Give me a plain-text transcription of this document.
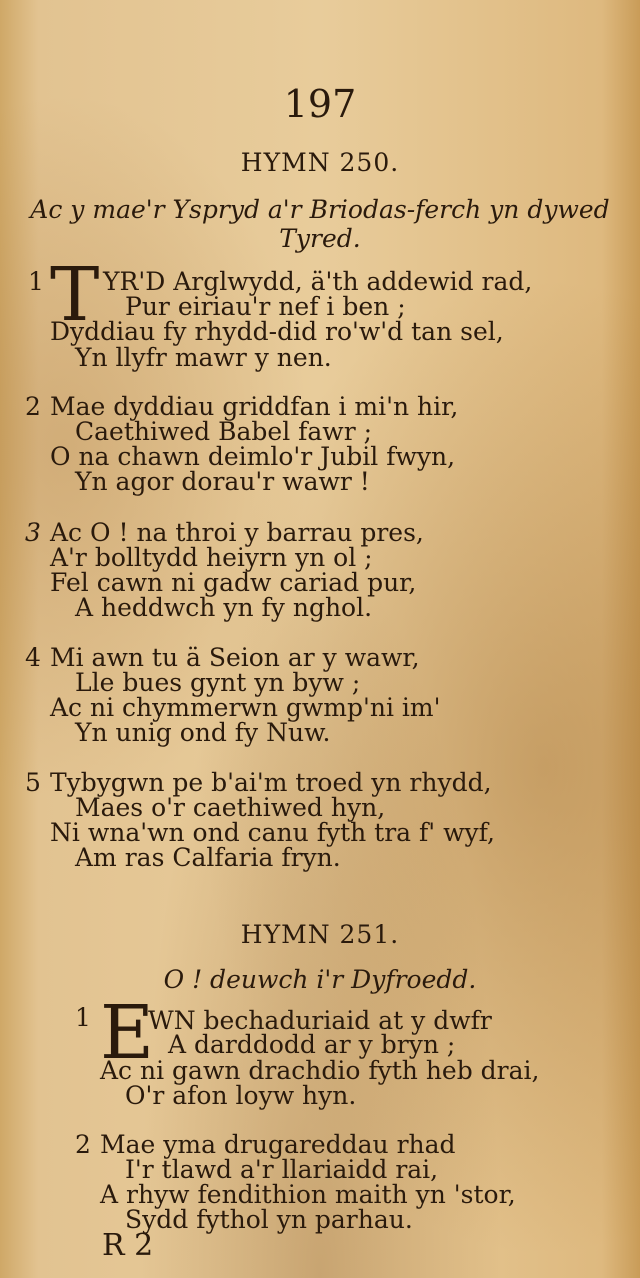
197
HYMN 250.
Ac y mae'r Yspryd a'r Briodas-ferch yn dywed
Tyred.
1 T YR'D Arglwydd, ä'th addewid rad,
Pur eiriau'r nef i ben ;
Dyddiau fy rhydd-did ro'w'd tan sel,
Yn llyfr mawr y nen.
2 Mae dyddiau griddfan i mi'n hir,
Caethiwed Babel fawr ;
O na chawn deimlo'r Jubil fwyn,
Yn agor dorau'r wawr !
3 Ac O ! na throi y barrau pres,
A'r bolltydd heiyrn yn ol ;
Fel cawn ni gadw cariad pur,
A heddwch yn fy nghol.
4 Mi awn tu ä Seion ar y wawr,
Lle bues gynt yn byw ;
Ac ni chymmerwn gwmp'ni im'
Yn unig ond fy Nuw.
5 Tybygwn pe b'ai'm troed yn rhydd,
Maes o'r caethiwed hyn,
Ni wna'wn ond canu fyth tra f' wyf,
Am ras Calfaria fryn.
HYMN 251.
O ! deuwch i'r Dyfroedd.
1 E
WN bechaduriaid at y dwfr
A darddodd ar y bryn ;
Ac ni gawn drachdio fyth heb drai,
O'r afon loyw hyn.
2 Mae yma drugareddau rhad
I'r tlawd a'r llariaidd rai,
A rhyw fendithion maith yn 'stor,
Sydd fythol yn parhau.
R 2
